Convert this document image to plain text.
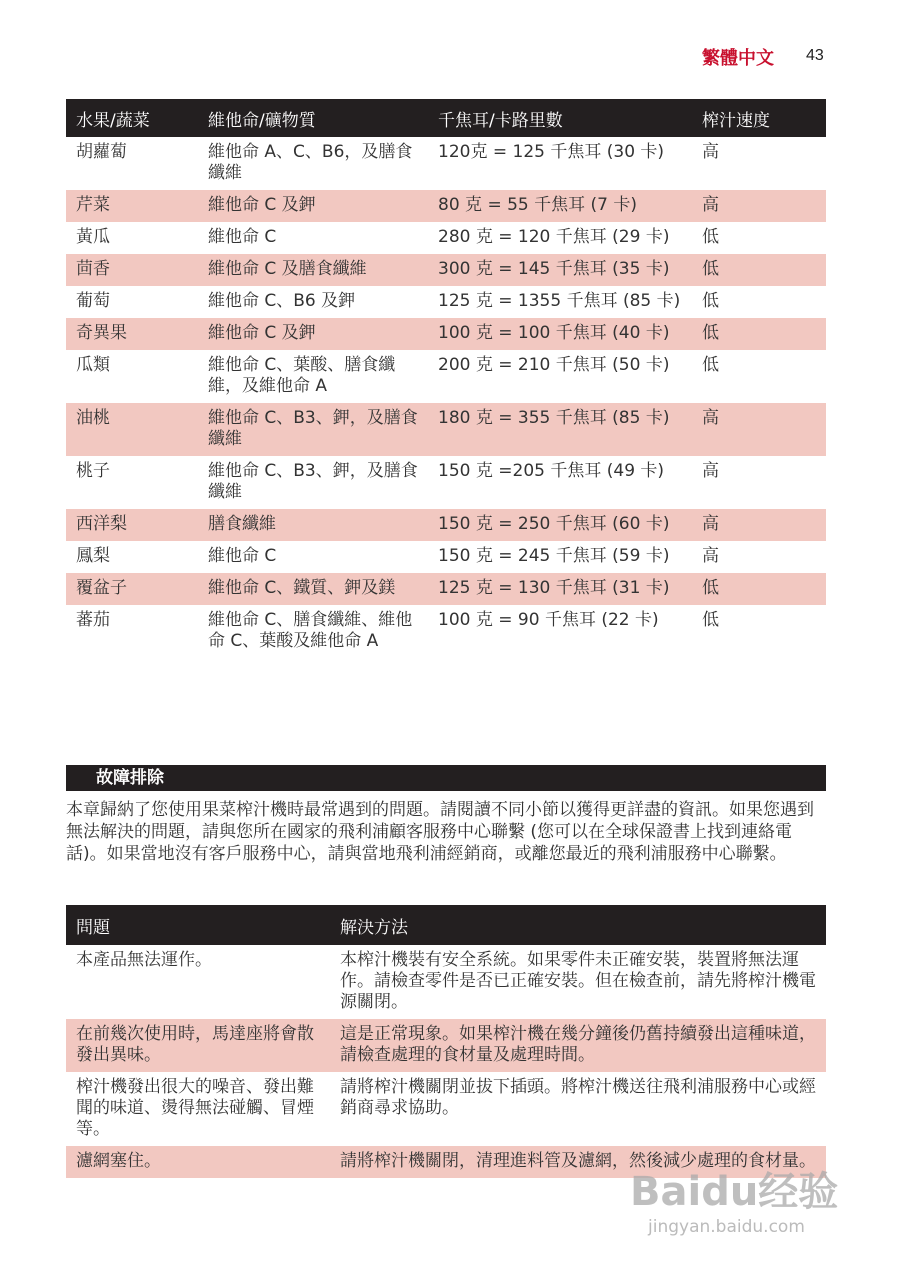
繁體中文 43
水果/蔬菜	維他命/礦物質	千焦耳/卡路里數	榨汁速度
胡蘿蔔	維他命 A、C、B6，及膳食纖維	120克 = 125 千焦耳 (30 卡)	高
芹菜	維他命 C 及鉀	80 克 = 55 千焦耳 (7 卡)	高
黃瓜	維他命 C	280 克 = 120 千焦耳 (29 卡)	低
茴香	維他命 C 及膳食纖維	300 克 = 145 千焦耳 (35 卡)	低
葡萄	維他命 C、B6 及鉀	125 克 = 1355 千焦耳 (85 卡)	低
奇異果	維他命 C 及鉀	100 克 = 100 千焦耳 (40 卡)	低
瓜類	維他命 C、葉酸、膳食纖維，及維他命 A	200 克 = 210 千焦耳 (50 卡)	低
油桃	維他命 C、B3、鉀，及膳食纖維	180 克 = 355 千焦耳 (85 卡)	高
桃子	維他命 C、B3、鉀，及膳食纖維	150 克 =205 千焦耳 (49 卡)	高
西洋梨	膳食纖維	150 克 = 250 千焦耳 (60 卡)	高
鳳梨	維他命 C	150 克 = 245 千焦耳 (59 卡)	高
覆盆子	維他命 C、鐵質、鉀及鎂	125 克 = 130 千焦耳 (31 卡)	低
蕃茄	維他命 C、膳食纖維、維他命 C、葉酸及維他命 A	100 克 = 90 千焦耳 (22 卡)	低
故障排除
本章歸納了您使用果菜榨汁機時最常遇到的問題。請閱讀不同小節以獲得更詳盡的資訊。如果您遇到無法解決的問題，請與您所在國家的飛利浦顧客服務中心聯繫 (您可以在全球保證書上找到連絡電話)。如果當地沒有客戶服務中心，請與當地飛利浦經銷商，或離您最近的飛利浦服務中心聯繫。
問題	解決方法
本產品無法運作。	本榨汁機裝有安全系統。如果零件未正確安裝，裝置將無法運作。請檢查零件是否已正確安裝。但在檢查前，請先將榨汁機電源關閉。
在前幾次使用時，馬達座將會散發出異味。	這是正常現象。如果榨汁機在幾分鐘後仍舊持續發出這種味道，請檢查處理的食材量及處理時間。
榨汁機發出很大的噪音、發出難聞的味道、燙得無法碰觸、冒煙等。	請將榨汁機關閉並拔下插頭。將榨汁機送往飛利浦服務中心或經銷商尋求協助。
濾網塞住。	請將榨汁機關閉，清理進料管及濾網，然後減少處理的食材量。
Baidu经验
jingyan.baidu.com
